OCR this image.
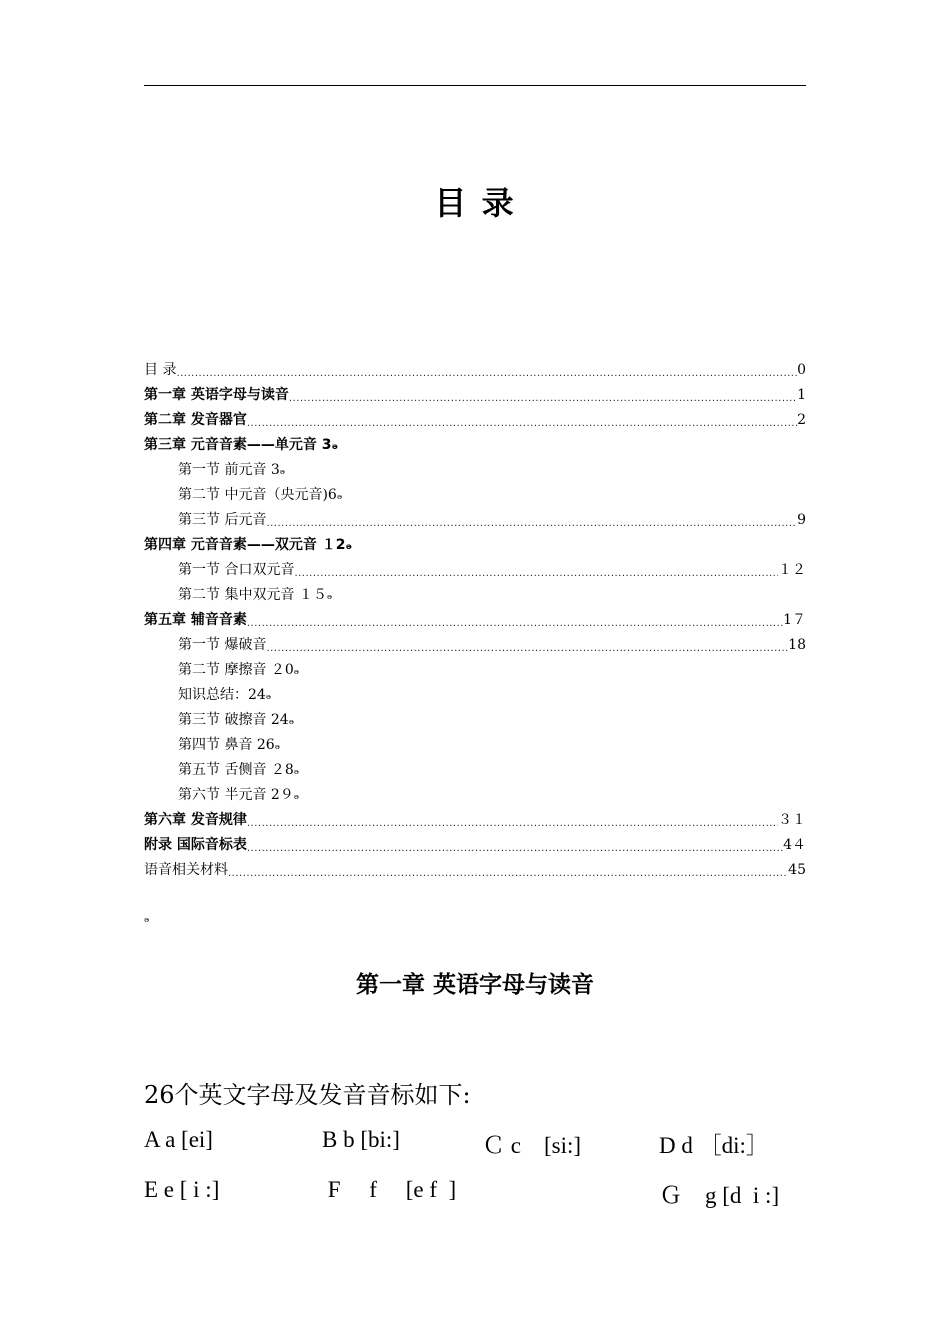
目 录
目 录 .....	0
第一章 英语字母与读音 .....	1
第二章 发音器官 .....	2
第三章 元音音素——单元音 3ₔ
第一节 前元音 3ₔ
第二节 中元音（央元音)6ₔ
第三节 后元音 .....	9
第四章 元音音素——双元音 １2ₔ
第一节 合口双元音 .....	１２
第二节 集中双元音 １５ₔ
第五章 辅音音素 .....	1７
第一节 爆破音 .....	18
第二节 摩擦音 ２0ₔ
知识总结：24ₔ
第三节 破擦音 24ₔ
第四节 鼻音 26ₔ
第五节 舌侧音 ２8ₔ
第六节 半元音 2９ₔ
第六章 发音规律 .....	３１
附录 国际音标表 .....	4４
语音相关材料 .....	45
ₔ
第一章 英语字母与读音
26个英文字母及发音音标如下:
A a [ei]	B b [bi:]	Ｃ c    [si:]	D d ［di:］
E e [ i :]	F     f     [e f  ]	Ｇ    g [d  i :]
